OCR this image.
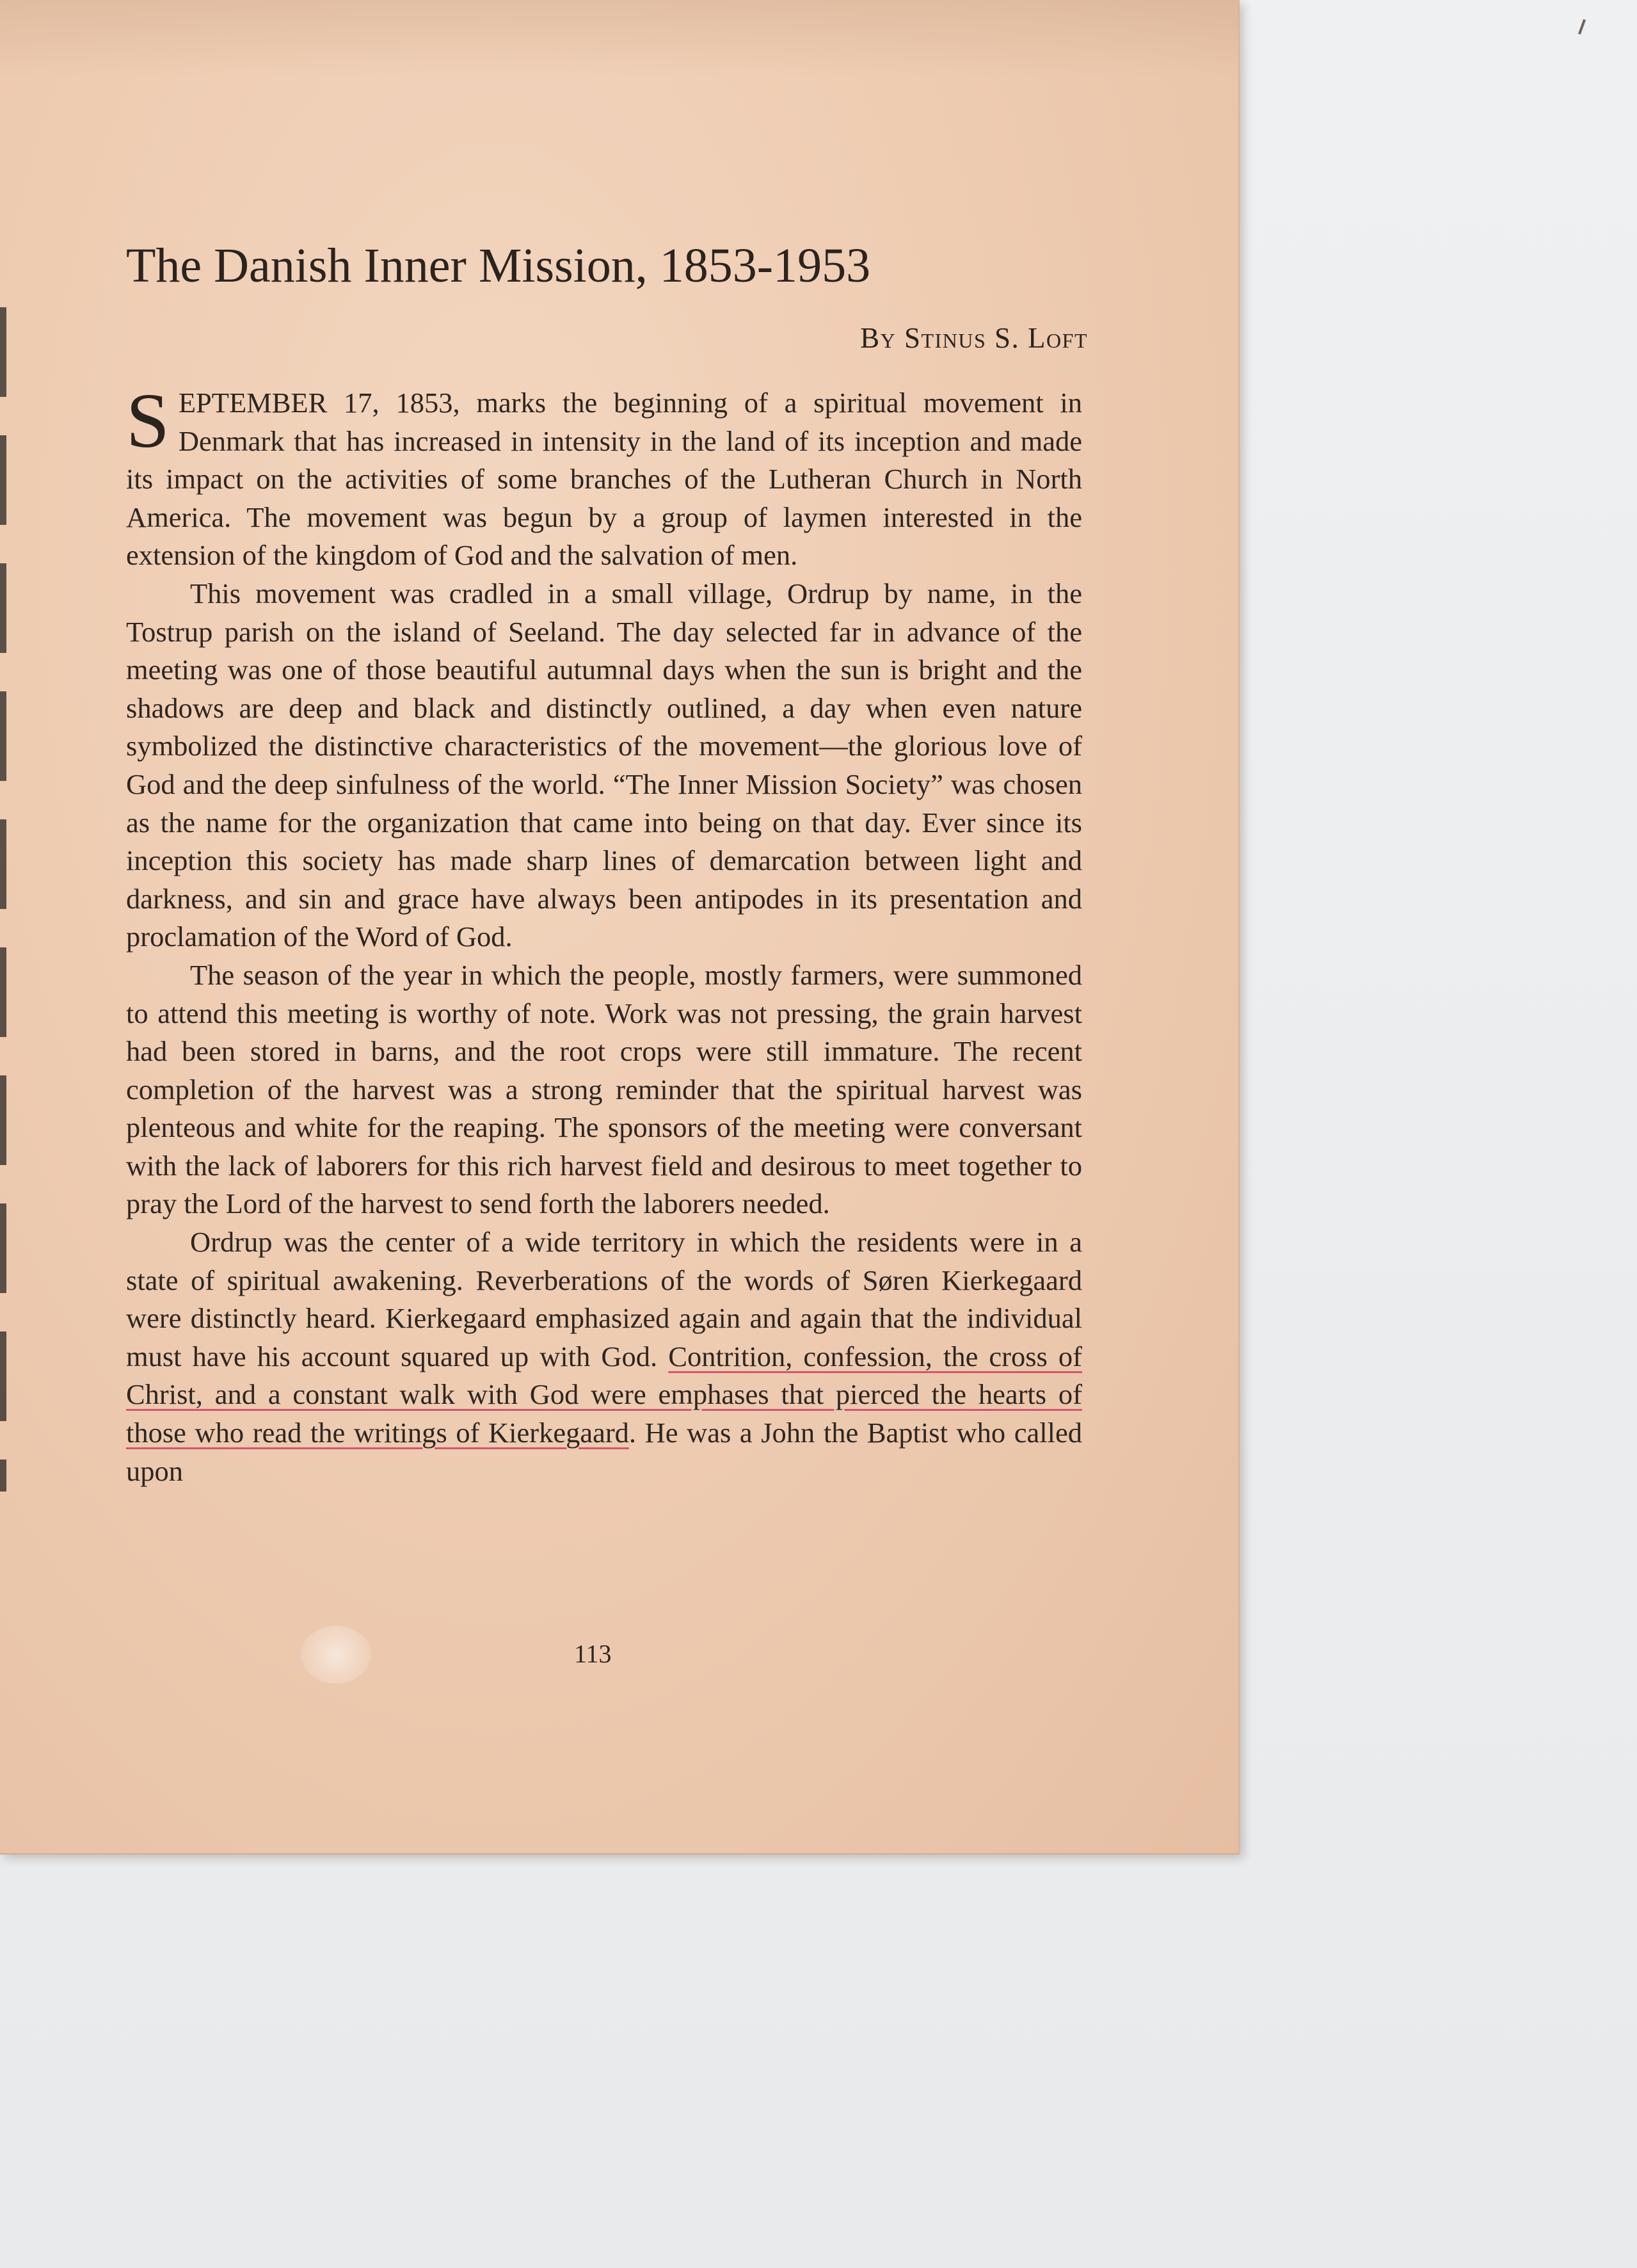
The Danish Inner Mission, 1853-1953
By Stinus S. Loft

SEPTEMBER 17, 1853, marks the beginning of a spiritual movement in Denmark that has increased in intensity in the land of its inception and made its impact on the activities of some branches of the Lutheran Church in North America. The movement was begun by a group of laymen interested in the extension of the kingdom of God and the salvation of men.

This movement was cradled in a small village, Ordrup by name, in the Tostrup parish on the island of Seeland. The day selected far in advance of the meeting was one of those beautiful autumnal days when the sun is bright and the shadows are deep and black and distinctly outlined, a day when even nature symbolized the distinctive characteristics of the movement—the glorious love of God and the deep sinfulness of the world. “The Inner Mission Society” was chosen as the name for the organization that came into being on that day. Ever since its inception this society has made sharp lines of demarcation between light and darkness, and sin and grace have always been antipodes in its presentation and proclamation of the Word of God.

The season of the year in which the people, mostly farmers, were summoned to attend this meeting is worthy of note. Work was not pressing, the grain harvest had been stored in barns, and the root crops were still immature. The recent completion of the harvest was a strong reminder that the spiritual harvest was plenteous and white for the reaping. The sponsors of the meeting were conversant with the lack of laborers for this rich harvest field and desirous to meet together to pray the Lord of the harvest to send forth the laborers needed.

Ordrup was the center of a wide territory in which the residents were in a state of spiritual awakening. Reverberations of the words of Søren Kierkegaard were distinctly heard. Kierkegaard emphasized again and again that the individual must have his account squared up with God. Contrition, confession, the cross of Christ, and a constant walk with God were emphases that pierced the hearts of those who read the writings of Kierkegaard. He was a John the Baptist who called upon

113
